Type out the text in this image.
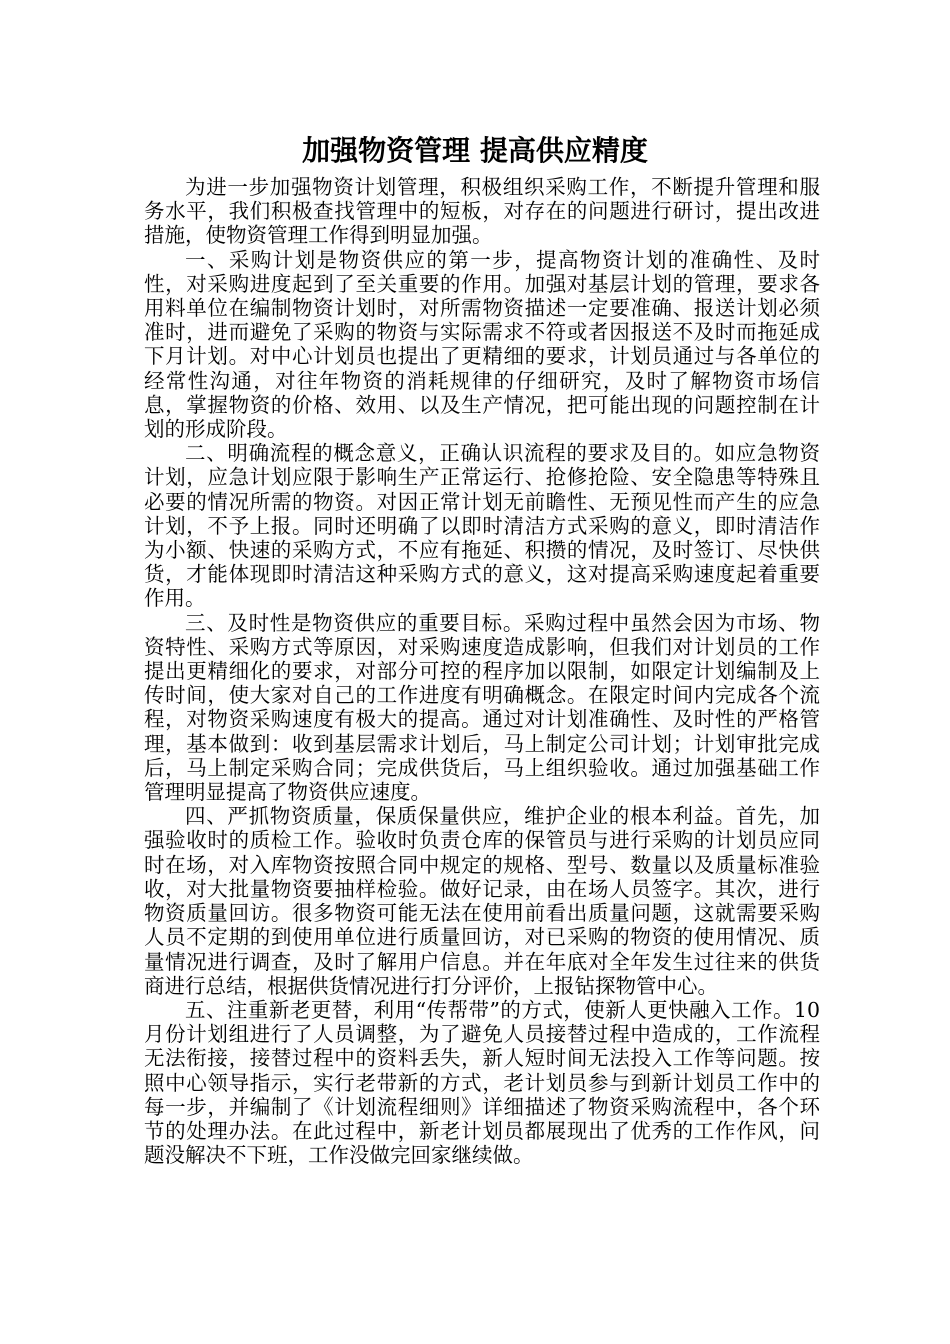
加强物资管理 提高供应精度

为进一步加强物资计划管理，积极组织采购工作，不断提升管理和服务水平，我们积极查找管理中的短板，对存在的问题进行研讨，提出改进措施，使物资管理工作得到明显加强。

一、采购计划是物资供应的第一步，提高物资计划的准确性、及时性，对采购进度起到了至关重要的作用。加强对基层计划的管理，要求各用料单位在编制物资计划时，对所需物资描述一定要准确、报送计划必须准时，进而避免了采购的物资与实际需求不符或者因报送不及时而拖延成下月计划。对中心计划员也提出了更精细的要求，计划员通过与各单位的经常性沟通，对往年物资的消耗规律的仔细研究，及时了解物资市场信息，掌握物资的价格、效用、以及生产情况，把可能出现的问题控制在计划的形成阶段。

二、明确流程的概念意义，正确认识流程的要求及目的。如应急物资计划，应急计划应限于影响生产正常运行、抢修抢险、安全隐患等特殊且必要的情况所需的物资。对因正常计划无前瞻性、无预见性而产生的应急计划，不予上报。同时还明确了以即时清洁方式采购的意义，即时清洁作为小额、快速的采购方式，不应有拖延、积攒的情况，及时签订、尽快供货，才能体现即时清洁这种采购方式的意义，这对提高采购速度起着重要作用。

三、及时性是物资供应的重要目标。采购过程中虽然会因为市场、物资特性、采购方式等原因，对采购速度造成影响，但我们对计划员的工作提出更精细化的要求，对部分可控的程序加以限制，如限定计划编制及上传时间，使大家对自己的工作进度有明确概念。在限定时间内完成各个流程，对物资采购速度有极大的提高。通过对计划准确性、及时性的严格管理，基本做到：收到基层需求计划后，马上制定公司计划；计划审批完成后，马上制定采购合同；完成供货后，马上组织验收。通过加强基础工作管理明显提高了物资供应速度。

四、严抓物资质量，保质保量供应，维护企业的根本利益。首先，加强验收时的质检工作。验收时负责仓库的保管员与进行采购的计划员应同时在场，对入库物资按照合同中规定的规格、型号、数量以及质量标准验收，对大批量物资要抽样检验。做好记录，由在场人员签字。其次，进行物资质量回访。很多物资可能无法在使用前看出质量问题，这就需要采购人员不定期的到使用单位进行质量回访，对已采购的物资的使用情况、质量情况进行调查，及时了解用户信息。并在年底对全年发生过往来的供货商进行总结，根据供货情况进行打分评价，上报钻探物管中心。

五、注重新老更替，利用“传帮带”的方式，使新人更快融入工作。10月份计划组进行了人员调整，为了避免人员接替过程中造成的，工作流程无法衔接，接替过程中的资料丢失，新人短时间无法投入工作等问题。按照中心领导指示，实行老带新的方式，老计划员参与到新计划员工作中的每一步，并编制了《计划流程细则》详细描述了物资采购流程中，各个环节的处理办法。在此过程中，新老计划员都展现出了优秀的工作作风，问题没解决不下班，工作没做完回家继续做。
